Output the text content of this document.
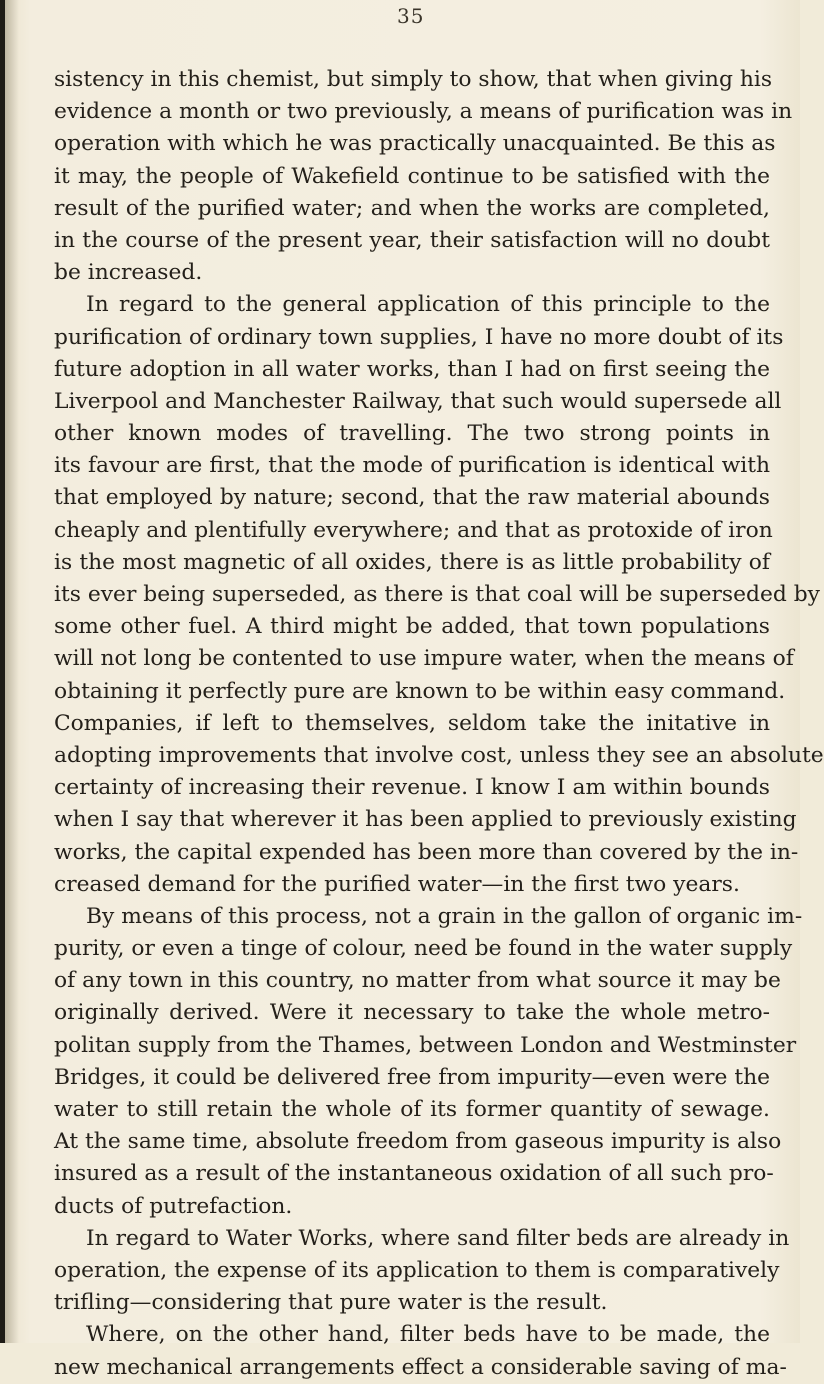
35
sistency in this chemist, but simply to show, that when giving his
evidence a month or two previously, a means of purification was in
operation with which he was practically unacquainted. Be this as
it may, the people of Wakefield continue to be satisfied with the
result of the purified water; and when the works are completed,
in the course of the present year, their satisfaction will no doubt
be increased.
In regard to the general application of this principle to the
purification of ordinary town supplies, I have no more doubt of its
future adoption in all water works, than I had on first seeing the
Liverpool and Manchester Railway, that such would supersede all
other known modes of travelling. The two strong points in
its favour are first, that the mode of purification is identical with
that employed by nature; second, that the raw material abounds
cheaply and plentifully everywhere; and that as protoxide of iron
is the most magnetic of all oxides, there is as little probability of
its ever being superseded, as there is that coal will be superseded by
some other fuel. A third might be added, that town populations
will not long be contented to use impure water, when the means of
obtaining it perfectly pure are known to be within easy command.
Companies, if left to themselves, seldom take the initative in
adopting improvements that involve cost, unless they see an absolute
certainty of increasing their revenue. I know I am within bounds
when I say that wherever it has been applied to previously existing
works, the capital expended has been more than covered by the in-
creased demand for the purified water—in the first two years.
By means of this process, not a grain in the gallon of organic im-
purity, or even a tinge of colour, need be found in the water supply
of any town in this country, no matter from what source it may be
originally derived. Were it necessary to take the whole metro-
politan supply from the Thames, between London and Westminster
Bridges, it could be delivered free from impurity—even were the
water to still retain the whole of its former quantity of sewage.
At the same time, absolute freedom from gaseous impurity is also
insured as a result of the instantaneous oxidation of all such pro-
ducts of putrefaction.
In regard to Water Works, where sand filter beds are already in
operation, the expense of its application to them is comparatively
trifling—considering that pure water is the result.
Where, on the other hand, filter beds have to be made, the
new mechanical arrangements effect a considerable saving of ma-
